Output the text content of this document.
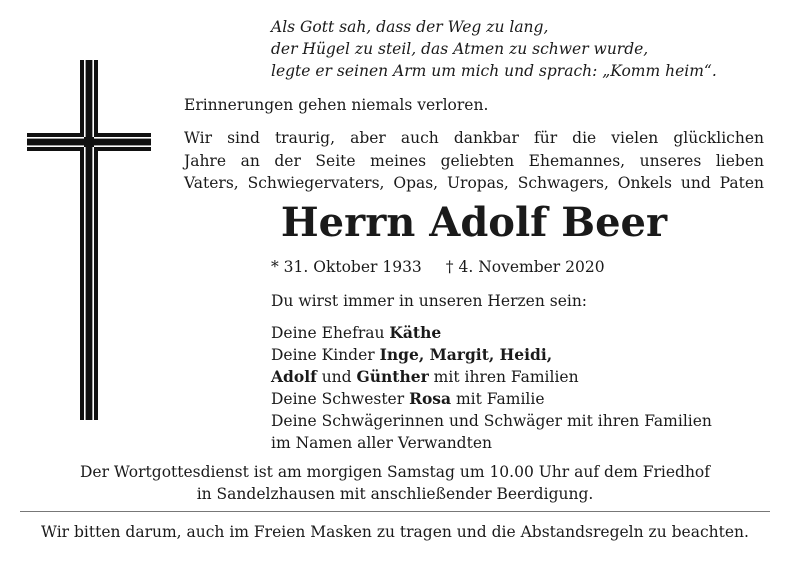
Als Gott sah, dass der Weg zu lang,
der Hügel zu steil, das Atmen zu schwer wurde,
legte er seinen Arm um mich und sprach: „Komm heim“.
Erinnerungen gehen niemals verloren.
Wir sind traurig, aber auch dankbar für die vielen glücklichen
Jahre an der Seite meines geliebten Ehemannes, unseres lieben
Vaters, Schwiegervaters, Opas, Uropas, Schwagers, Onkels und Paten
Herrn Adolf Beer
* 31. Oktober 1933 † 4. November 2020
Du wirst immer in unseren Herzen sein:
Deine Ehefrau Käthe
Deine Kinder Inge, Margit, Heidi,
Adolf und Günther mit ihren Familien
Deine Schwester Rosa mit Familie
Deine Schwägerinnen und Schwäger mit ihren Familien
im Namen aller Verwandten
Der Wortgottesdienst ist am morgigen Samstag um 10.00 Uhr auf dem Friedhof
in Sandelzhausen mit anschließender Beerdigung.
Wir bitten darum, auch im Freien Masken zu tragen und die Abstandsregeln zu beachten.
